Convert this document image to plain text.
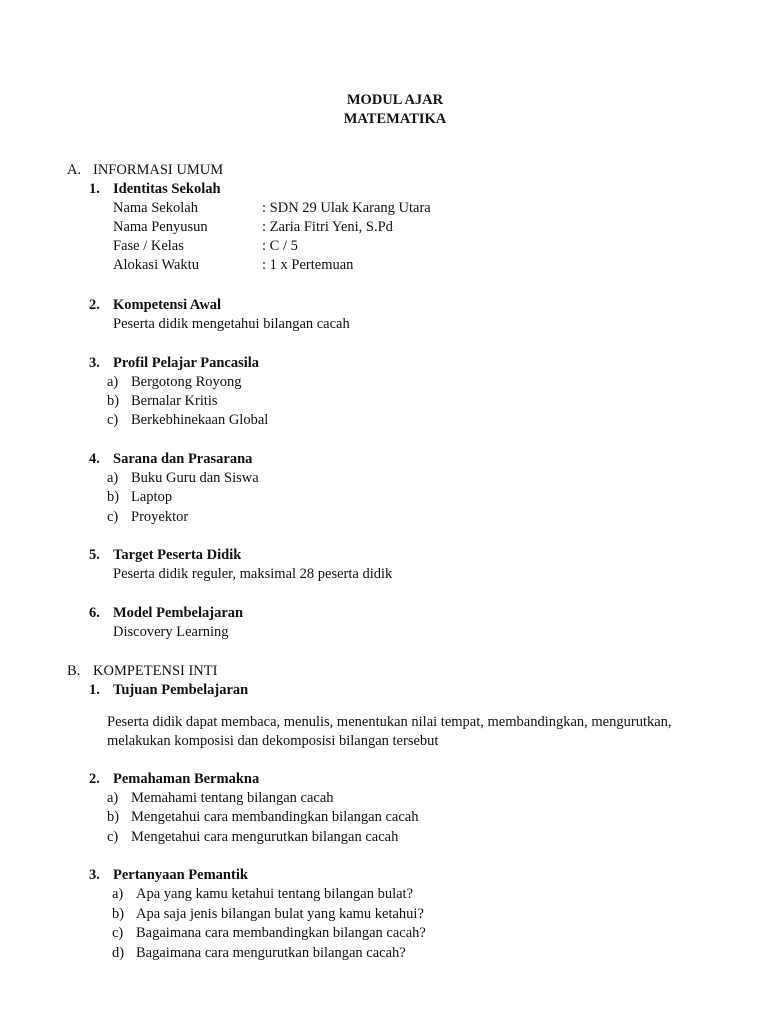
MODUL AJAR
MATEMATIKA
A. INFORMASI UMUM
1. Identitas Sekolah
Nama Sekolah	: SDN 29 Ulak Karang Utara
Nama Penyusun	: Zaria Fitri Yeni, S.Pd
Fase / Kelas	: C / 5
Alokasi Waktu	: 1 x Pertemuan
2. Kompetensi Awal
Peserta didik mengetahui bilangan cacah
3. Profil Pelajar Pancasila
a) Bergotong Royong
b) Bernalar Kritis
c) Berkebhinekaan Global
4. Sarana dan Prasarana
a) Buku Guru dan Siswa
b) Laptop
c) Proyektor
5. Target Peserta Didik
Peserta didik reguler, maksimal 28 peserta didik
6. Model Pembelajaran
Discovery Learning
B. KOMPETENSI INTI
1. Tujuan Pembelajaran
Peserta didik dapat membaca, menulis, menentukan nilai tempat, membandingkan, mengurutkan,
melakukan komposisi dan dekomposisi bilangan tersebut
2. Pemahaman Bermakna
a) Memahami tentang bilangan cacah
b) Mengetahui cara membandingkan bilangan cacah
c) Mengetahui cara mengurutkan bilangan cacah
3. Pertanyaan Pemantik
a) Apa yang kamu ketahui tentang bilangan bulat?
b) Apa saja jenis bilangan bulat yang kamu ketahui?
c) Bagaimana cara membandingkan bilangan cacah?
d) Bagaimana cara mengurutkan bilangan cacah?
